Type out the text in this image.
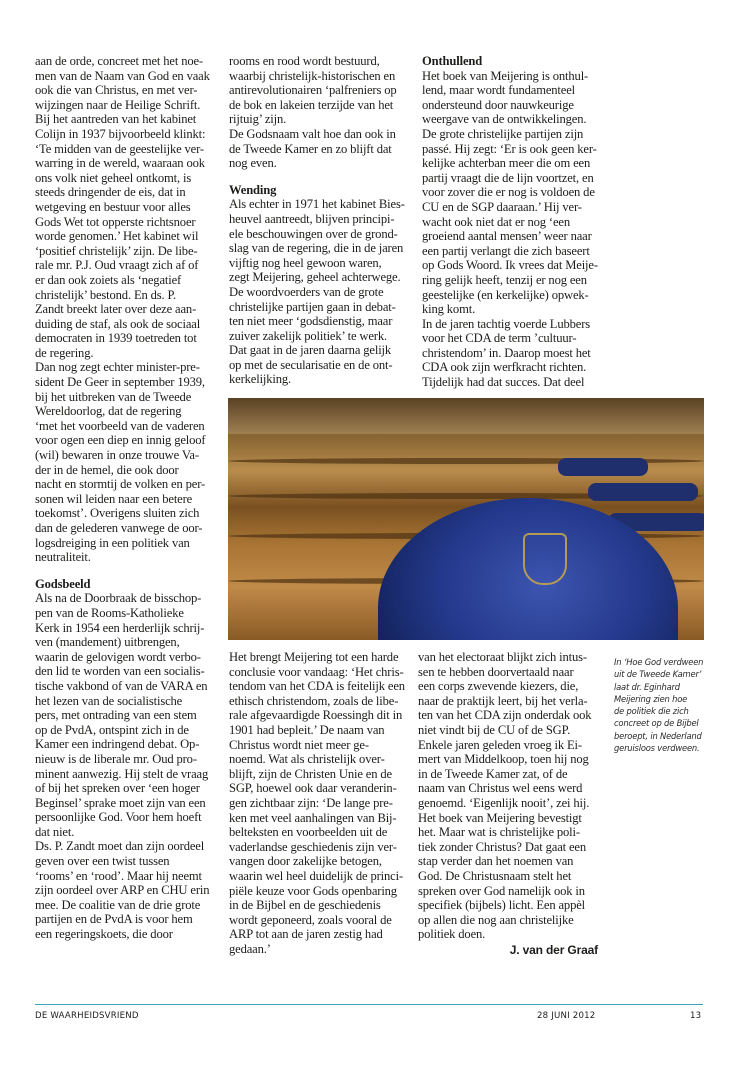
aan de orde, concreet met het noe-
men van de Naam van God en vaak
ook die van Christus, en met ver-
wijzingen naar de Heilige Schrift.
Bij het aantreden van het kabinet
Colijn in 1937 bijvoorbeeld klinkt:
‘Te midden van de geestelijke ver-
warring in de wereld, waaraan ook
ons volk niet geheel ontkomt, is
steeds dringender de eis, dat in
wetgeving en bestuur voor alles
Gods Wet tot opperste richtsnoer
worde genomen.’ Het kabinet wil
‘positief christelijk’ zijn. De libe-
rale mr. P.J. Oud vraagt zich af of
er dan ook zoiets als ‘negatief
christelijk’ bestond. En ds. P.
Zandt breekt later over deze aan-
duiding de staf, als ook de sociaal
democraten in 1939 toetreden tot
de regering.

Dan nog zegt echter minister-pre-
sident De Geer in september 1939,
bij het uitbreken van de Tweede
Wereldoorlog, dat de regering
‘met het voorbeeld van de vaderen
voor ogen een diep en innig geloof
(wil) bewaren in onze trouwe Va-
der in de hemel, die ook door
nacht en stormtij de volken en per-
sonen wil leiden naar een betere
toekomst’. Overigens sluiten zich
dan de gelederen vanwege de oor-
logsdreiging in een politiek van
neutraliteit.

Godsbeeld

Als na de Doorbraak de bisschop-
pen van de Rooms-Katholieke
Kerk in 1954 een herderlijk schrij-
ven (mandement) uitbrengen,
waarin de gelovigen wordt verbo-
den lid te worden van een socialis-
tische vakbond of van de VARA en
het lezen van de socialistische
pers, met ontrading van een stem
op de PvdA, ontspint zich in de
Kamer een indringend debat. Op-
nieuw is de liberale mr. Oud pro-
minent aanwezig. Hij stelt de vraag
of bij het spreken over ‘een hoger
Beginsel’ sprake moet zijn van een
persoonlijke God. Voor hem hoeft
dat niet.

Ds. P. Zandt moet dan zijn oordeel
geven over een twist tussen
‘rooms’ en ‘rood’. Maar hij neemt
zijn oordeel over ARP en CHU erin
mee. De coalitie van de drie grote
partijen en de PvdA is voor hem
een regeringskoets, die door

rooms en rood wordt bestuurd,
waarbij christelijk-historischen en
antirevolutionairen ‘palfreniers op
de bok en lakeien terzijde van het
rijtuig’ zijn.

De Godsnaam valt hoe dan ook in
de Tweede Kamer en zo blijft dat
nog even.

Wending

Als echter in 1971 het kabinet Bies-
heuvel aantreedt, blijven principi-
ele beschouwingen over de grond-
slag van de regering, die in de jaren
vijftig nog heel gewoon waren,
zegt Meijering, geheel achterwege.
De woordvoerders van de grote
christelijke partijen gaan in debat-
ten niet meer ‘godsdienstig, maar
zuiver zakelijk politiek’ te werk.
Dat gaat in de jaren daarna gelijk
op met de secularisatie en de ont-
kerkelijking.

Onthullend

Het boek van Meijering is onthul-
lend, maar wordt fundamenteel
ondersteund door nauwkeurige
weergave van de ontwikkelingen.
De grote christelijke partijen zijn
passé. Hij zegt: ‘Er is ook geen ker-
kelijke achterban meer die om een
partij vraagt die de lijn voortzet, en
voor zover die er nog is voldoen de
CU en de SGP daaraan.’ Hij ver-
wacht ook niet dat er nog ‘een
groeiend aantal mensen’ weer naar
een partij verlangt die zich baseert
op Gods Woord. Ik vrees dat Meije-
ring gelijk heeft, tenzij er nog een
geestelijke (en kerkelijke) opwek-
king komt.

In de jaren tachtig voerde Lubbers
voor het CDA de term ’cultuur-
christendom’ in. Daarop moest het
CDA ook zijn werfkracht richten.
Tijdelijk had dat succes. Dat deel

Het brengt Meijering tot een harde
conclusie voor vandaag: ‘Het chris-
tendom van het CDA is feitelijk een
ethisch christendom, zoals de libe-
rale afgevaardigde Roessingh dit in
1901 had bepleit.’ De naam van
Christus wordt niet meer ge-
noemd. Wat als christelijk over-
blijft, zijn de Christen Unie en de
SGP, hoewel ook daar veranderin-
gen zichtbaar zijn: ‘De lange pre-
ken met veel aanhalingen van Bij-
belteksten en voorbeelden uit de
vaderlandse geschiedenis zijn ver-
vangen door zakelijke betogen,
waarin wel heel duidelijk de princi-
piële keuze voor Gods openbaring
in de Bijbel en de geschiedenis
wordt geponeerd, zoals vooral de
ARP tot aan de jaren zestig had
gedaan.’

van het electoraat blijkt zich intus-
sen te hebben doorvertaald naar
een corps zwevende kiezers, die,
naar de praktijk leert, bij het verla-
ten van het CDA zijn onderdak ook
niet vindt bij de CU of de SGP.

Enkele jaren geleden vroeg ik Ei-
mert van Middelkoop, toen hij nog
in de Tweede Kamer zat, of de
naam van Christus wel eens werd
genoemd. ‘Eigenlijk nooit’, zei hij.
Het boek van Meijering bevestigt
het. Maar wat is christelijke poli-
tiek zonder Christus? Dat gaat een
stap verder dan het noemen van
God. De Christusnaam stelt het
spreken over God namelijk ook in
specifiek (bijbels) licht. Een appèl
op allen die nog aan christelijke
politiek doen.

J. van der Graaf
In ‘Hoe God verdween
uit de Tweede Kamer’
laat dr. Eginhard
Meijering zien hoe
de politiek die zich
concreet op de Bijbel
beroept, in Nederland
geruisloos verdween.
DE WAARHEIDSVRIEND	28 JUNI 2012	13
